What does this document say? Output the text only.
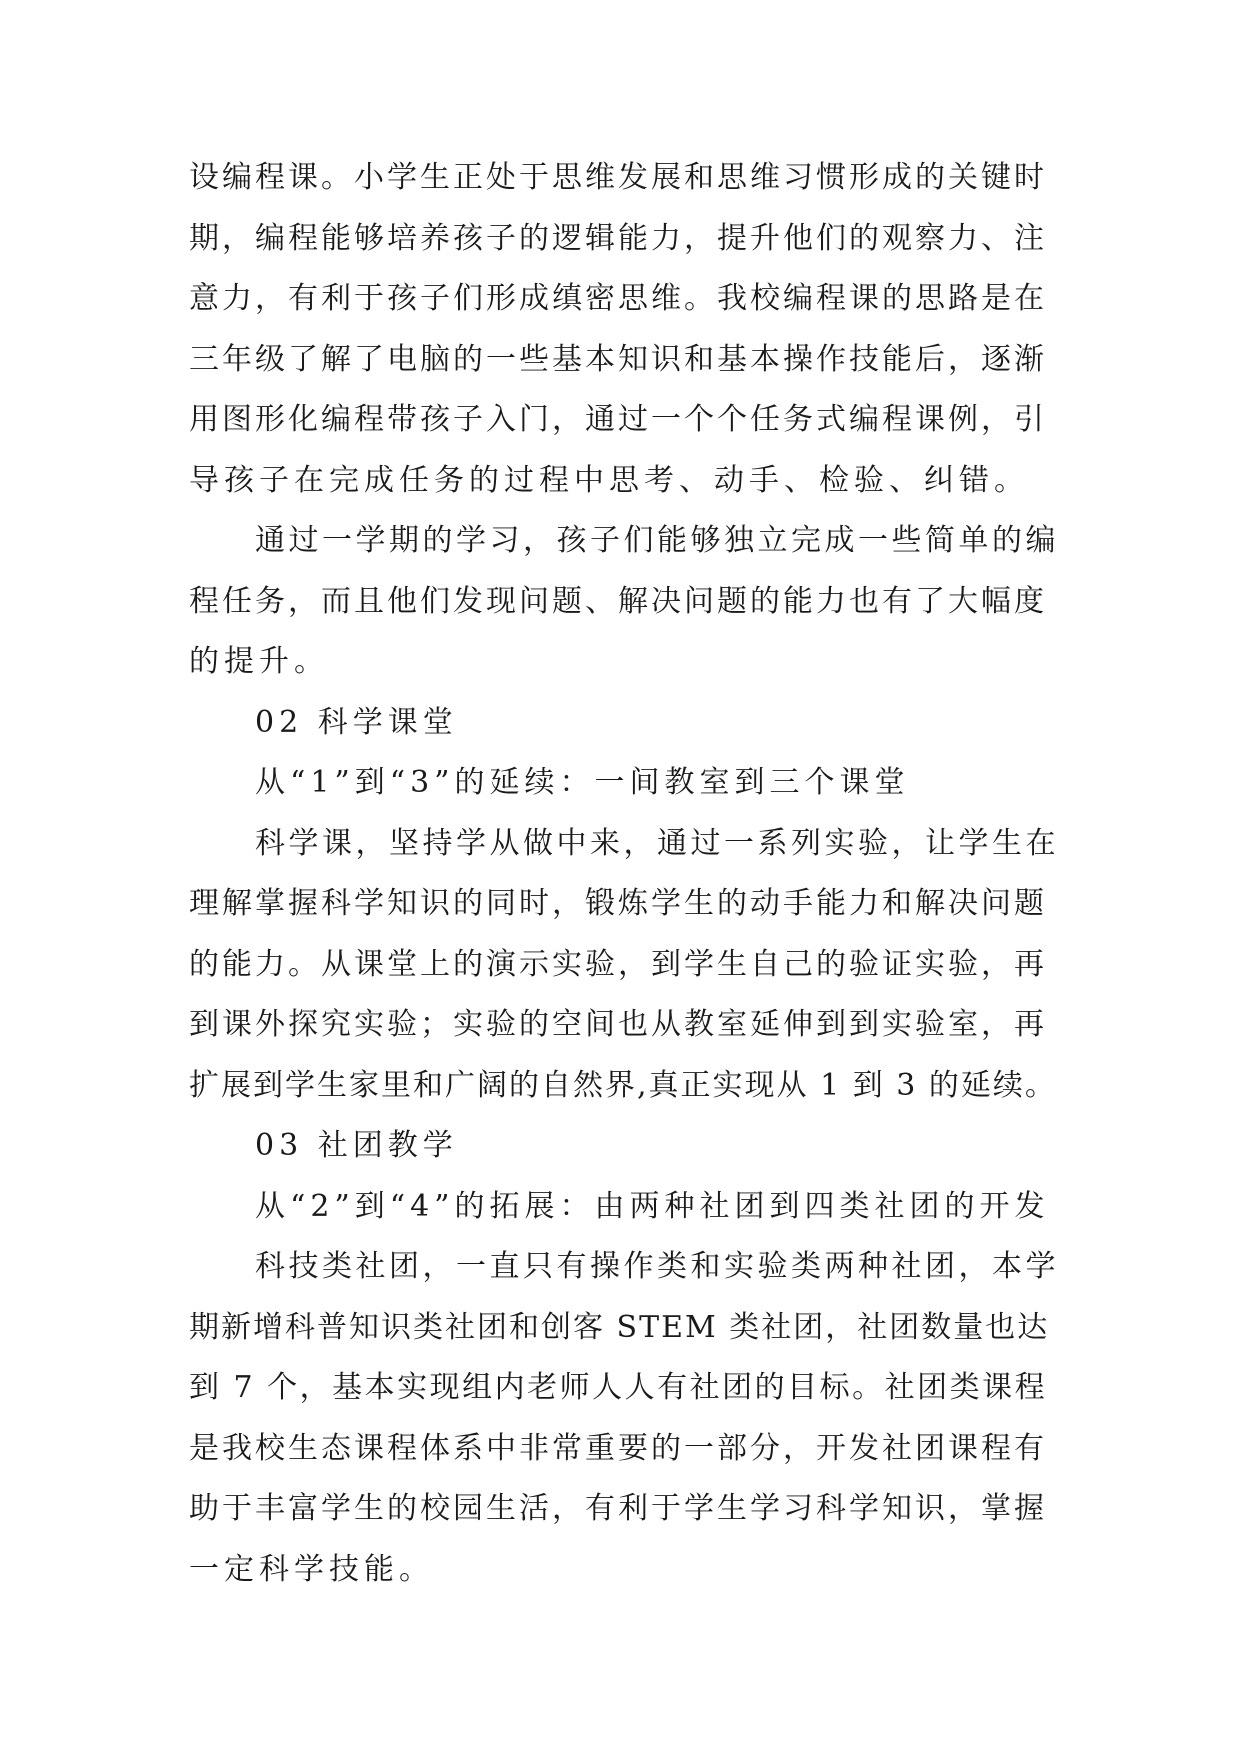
设编程课。小学生正处于思维发展和思维习惯形成的关键时
期，编程能够培养孩子的逻辑能力，提升他们的观察力、注
意力，有利于孩子们形成缜密思维。我校编程课的思路是在
三年级了解了电脑的一些基本知识和基本操作技能后，逐渐
用图形化编程带孩子入门，通过一个个任务式编程课例，引
导孩子在完成任务的过程中思考、动手、检验、纠错。
通过一学期的学习，孩子们能够独立完成一些简单的编
程任务，而且他们发现问题、解决问题的能力也有了大幅度
的提升。
02 科学课堂
从“1”到“3”的延续：一间教室到三个课堂
科学课，坚持学从做中来，通过一系列实验，让学生在
理解掌握科学知识的同时，锻炼学生的动手能力和解决问题
的能力。从课堂上的演示实验，到学生自己的验证实验，再
到课外探究实验；实验的空间也从教室延伸到到实验室，再
扩展到学生家里和广阔的自然界,真正实现从 1 到 3 的延续。
03 社团教学
从“2”到“4”的拓展：由两种社团到四类社团的开发
科技类社团，一直只有操作类和实验类两种社团，本学
期新增科普知识类社团和创客 STEM 类社团，社团数量也达
到 7 个，基本实现组内老师人人有社团的目标。社团类课程
是我校生态课程体系中非常重要的一部分，开发社团课程有
助于丰富学生的校园生活，有利于学生学习科学知识，掌握
一定科学技能。
